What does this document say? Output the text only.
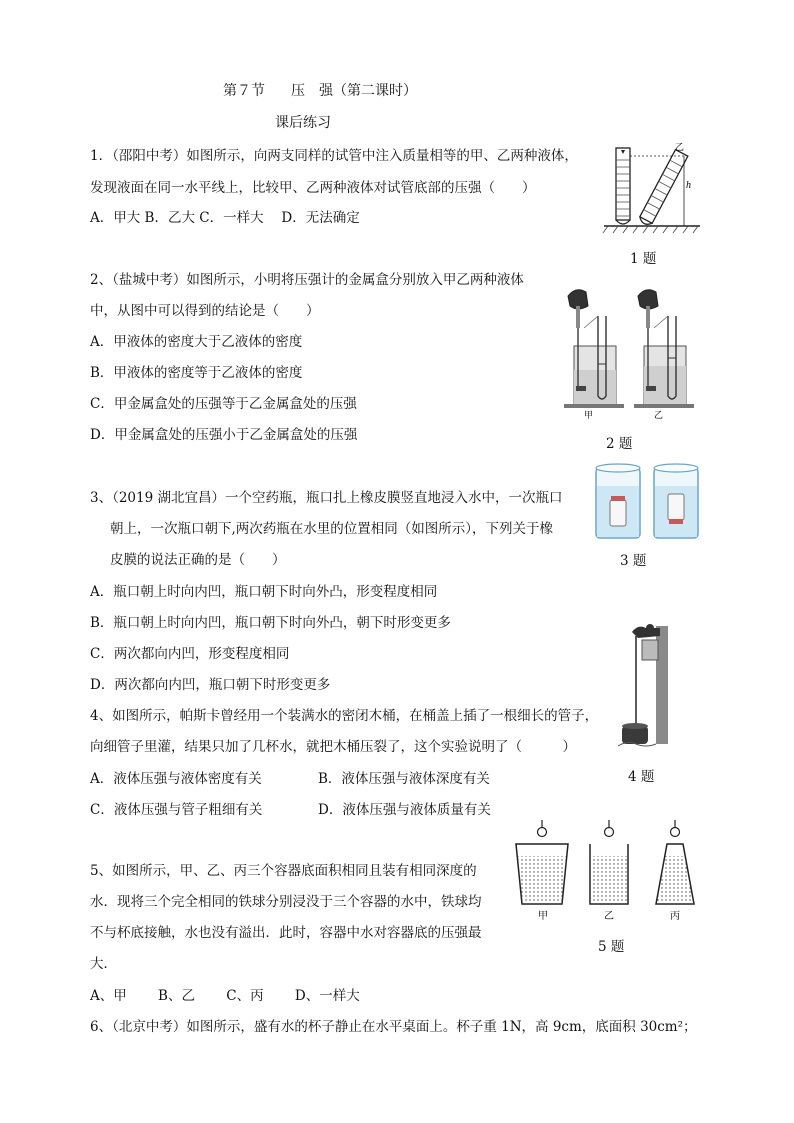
第７节 压　强（第二课时）
课后练习
1．（邵阳中考）如图所示，向两支同样的试管中注入质量相等的甲、乙两种液体，
发现液面在同一水平线上，比较甲、乙两种液体对试管底部的压强（　　）
A．甲大 B．乙大 C．一样大　 D．无法确定
h
乙
1 题
2、（盐城中考）如图所示，小明将压强计的金属盒分别放入甲乙两种液体
中，从图中可以得到的结论是（　　）
A．甲液体的密度大于乙液体的密度
B．甲液体的密度等于乙液体的密度
C．甲金属盒处的压强等于乙金属盒处的压强
D．甲金属盒处的压强小于乙金属盒处的压强
甲	乙
2 题
3、（2019 湖北宜昌）一个空药瓶，瓶口扎上橡皮膜竖直地浸入水中，一次瓶口
朝上，一次瓶口朝下,两次药瓶在水里的位置相同（如图所示），下列关于橡
皮膜的说法正确的是（　　）
A．瓶口朝上时向内凹，瓶口朝下时向外凸，形变程度相同
B．瓶口朝上时向内凹，瓶口朝下时向外凸，朝下时形变更多
C．两次都向内凹，形变程度相同
D．两次都向内凹，瓶口朝下时形变更多
3 题
4、如图所示，帕斯卡曾经用一个装满水的密闭木桶，在桶盖上插了一根细长的管子，
向细管子里灌，结果只加了几杯水，就把木桶压裂了，这个实验说明了（　　　）
A．液体压强与液体密度有关	B．液体压强与液体深度有关
C．液体压强与管子粗细有关	D．液体压强与液体质量有关
4 题
5、如图所示，甲、乙、丙三个容器底面积相同且装有相同深度的
水．现将三个完全相同的铁球分别浸没于三个容器的水中，铁球均
不与杯底接触，水也没有溢出．此时，容器中水对容器底的压强最
大．
A、甲　　 B、乙　　 C、丙　　 D、一样大
甲	乙	丙
5 题
6、（北京中考）如图所示，盛有水的杯子静止在水平桌面上。杯子重 1N，高 9cm，底面积 30cm²；
